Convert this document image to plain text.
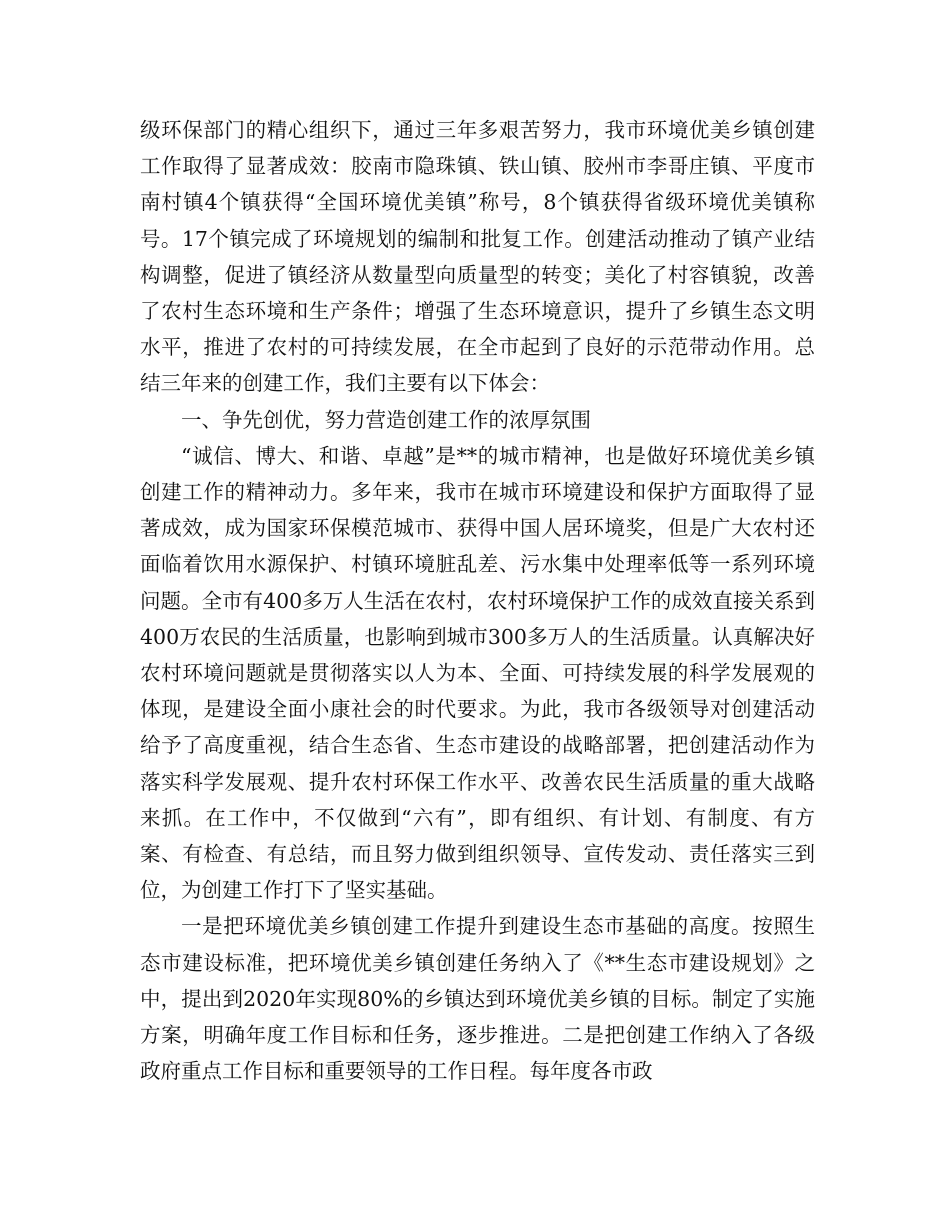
级环保部门的精心组织下，通过三年多艰苦努力，我市环境优美乡镇创建工作取得了显著成效：胶南市隐珠镇、铁山镇、胶州市李哥庄镇、平度市南村镇4个镇获得“全国环境优美镇”称号，8个镇获得省级环境优美镇称号。17个镇完成了环境规划的编制和批复工作。创建活动推动了镇产业结构调整，促进了镇经济从数量型向质量型的转变；美化了村容镇貌，改善了农村生态环境和生产条件；增强了生态环境意识，提升了乡镇生态文明水平，推进了农村的可持续发展，在全市起到了良好的示范带动作用。总结三年来的创建工作，我们主要有以下体会：

一、争先创优，努力营造创建工作的浓厚氛围

“诚信、博大、和谐、卓越”是**的城市精神，也是做好环境优美乡镇创建工作的精神动力。多年来，我市在城市环境建设和保护方面取得了显著成效，成为国家环保模范城市、获得中国人居环境奖，但是广大农村还面临着饮用水源保护、村镇环境脏乱差、污水集中处理率低等一系列环境问题。全市有400多万人生活在农村，农村环境保护工作的成效直接关系到400万农民的生活质量，也影响到城市300多万人的生活质量。认真解决好农村环境问题就是贯彻落实以人为本、全面、可持续发展的科学发展观的体现，是建设全面小康社会的时代要求。为此，我市各级领导对创建活动给予了高度重视，结合生态省、生态市建设的战略部署，把创建活动作为落实科学发展观、提升农村环保工作水平、改善农民生活质量的重大战略来抓。在工作中，不仅做到“六有”，即有组织、有计划、有制度、有方案、有检查、有总结，而且努力做到组织领导、宣传发动、责任落实三到位，为创建工作打下了坚实基础。

一是把环境优美乡镇创建工作提升到建设生态市基础的高度。按照生态市建设标准，把环境优美乡镇创建任务纳入了《**生态市建设规划》之中，提出到2020年实现80%的乡镇达到环境优美乡镇的目标。制定了实施方案，明确年度工作目标和任务，逐步推进。二是把创建工作纳入了各级政府重点工作目标和重要领导的工作日程。每年度各市政
